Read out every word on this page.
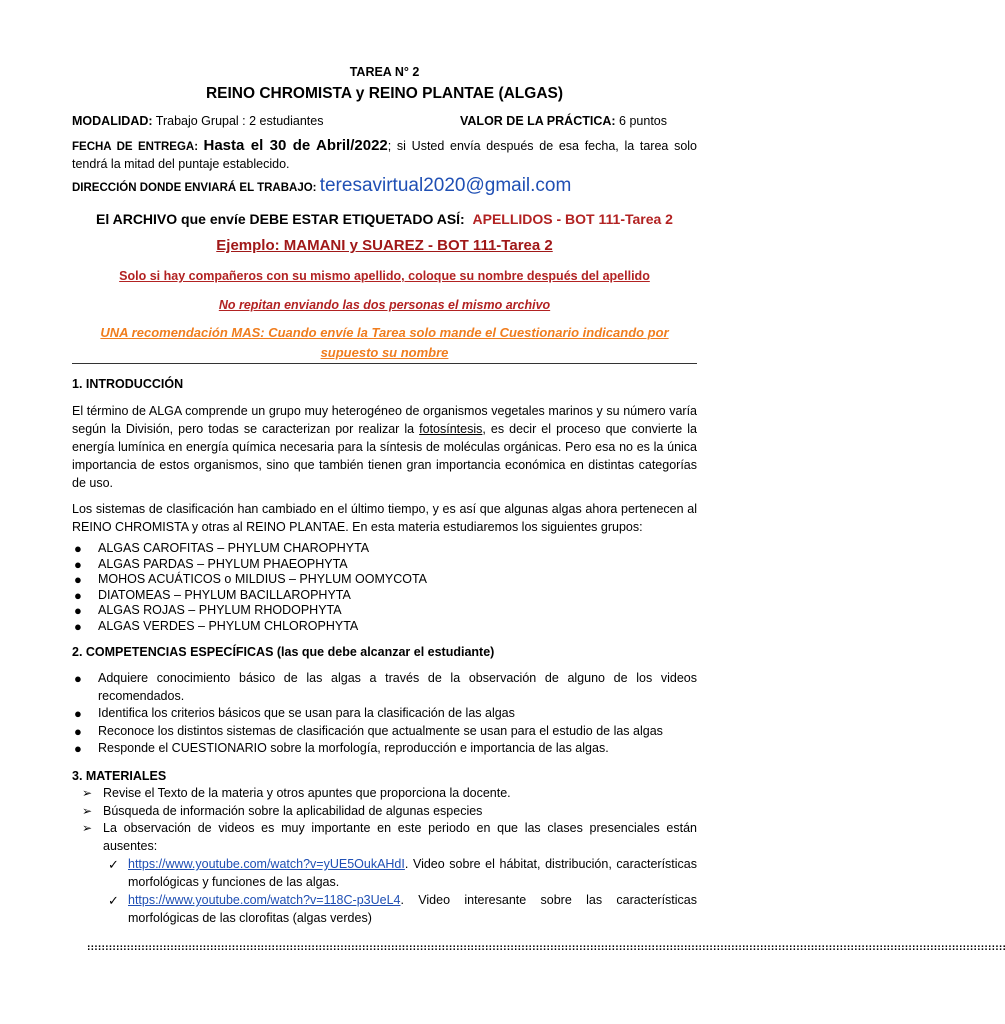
TAREA N° 2
REINO CHROMISTA y REINO PLANTAE (ALGAS)
MODALIDAD: Trabajo Grupal : 2 estudiantes	VALOR DE LA PRÁCTICA: 6 puntos
FECHA DE ENTREGA: Hasta el 30 de Abril/2022; si Usted envía después de esa fecha, la tarea solo tendrá la mitad del puntaje establecido.
DIRECCIÓN DONDE ENVIARÁ EL TRABAJO: teresavirtual2020@gmail.com
El ARCHIVO que envíe DEBE ESTAR ETIQUETADO ASÍ: APELLIDOS - BOT 111-Tarea 2
Ejemplo: MAMANI y SUAREZ - BOT 111-Tarea 2
Solo si hay compañeros con su mismo apellido, coloque su nombre después del apellido
No repitan enviando las dos personas el mismo archivo
UNA recomendación MAS: Cuando envíe la Tarea solo mande el Cuestionario indicando por supuesto su nombre
1. INTRODUCCIÓN
El término de ALGA comprende un grupo muy heterogéneo de organismos vegetales marinos y su número varía según la División, pero todas se caracterizan por realizar la fotosíntesis, es decir el proceso que convierte la energía lumínica en energía química necesaria para la síntesis de moléculas orgánicas. Pero esa no es la única importancia de estos organismos, sino que también tienen gran importancia económica en distintas categorías de uso.
Los sistemas de clasificación han cambiado en el último tiempo, y es así que algunas algas ahora pertenecen al REINO CHROMISTA y otras al REINO PLANTAE. En esta materia estudiaremos los siguientes grupos:
● ALGAS CAROFITAS – PHYLUM CHAROPHYTA
● ALGAS PARDAS – PHYLUM PHAEOPHYTA
● MOHOS ACUÁTICOS o MILDIUS – PHYLUM OOMYCOTA
● DIATOMEAS – PHYLUM BACILLAROPHYTA
● ALGAS ROJAS – PHYLUM RHODOPHYTA
● ALGAS VERDES – PHYLUM CHLOROPHYTA
2. COMPETENCIAS ESPECÍFICAS (las que debe alcanzar el estudiante)
● Adquiere conocimiento básico de las algas a través de la observación de alguno de los videos recomendados.
● Identifica los criterios básicos que se usan para la clasificación de las algas
● Reconoce los distintos sistemas de clasificación que actualmente se usan para el estudio de las algas
● Responde el CUESTIONARIO sobre la morfología, reproducción e importancia de las algas.
3. MATERIALES
➢ Revise el Texto de la materia y otros apuntes que proporciona la docente.
➢ Búsqueda de información sobre la aplicabilidad de algunas especies
➢ La observación de videos es muy importante en este periodo en que las clases presenciales están ausentes:
✓ https://www.youtube.com/watch?v=yUE5OukAHdI. Video sobre el hábitat, distribución, características morfológicas y funciones de las algas.
✓ https://www.youtube.com/watch?v=118C-p3UeL4. Video interesante sobre las características morfológicas de las clorofitas (algas verdes)
::::::::::::::::::::::::::::::::::::::::::::::::::::::::::::::::::::::::::::::::::::::::::::::::::::::::::::::::::::::::::::::::::::::::::::::::::::::::::::::::::::::::::::::::::::::::::::::::::::::::::::::::::::::::::::::::::::::::::::::::::::::::::::::
